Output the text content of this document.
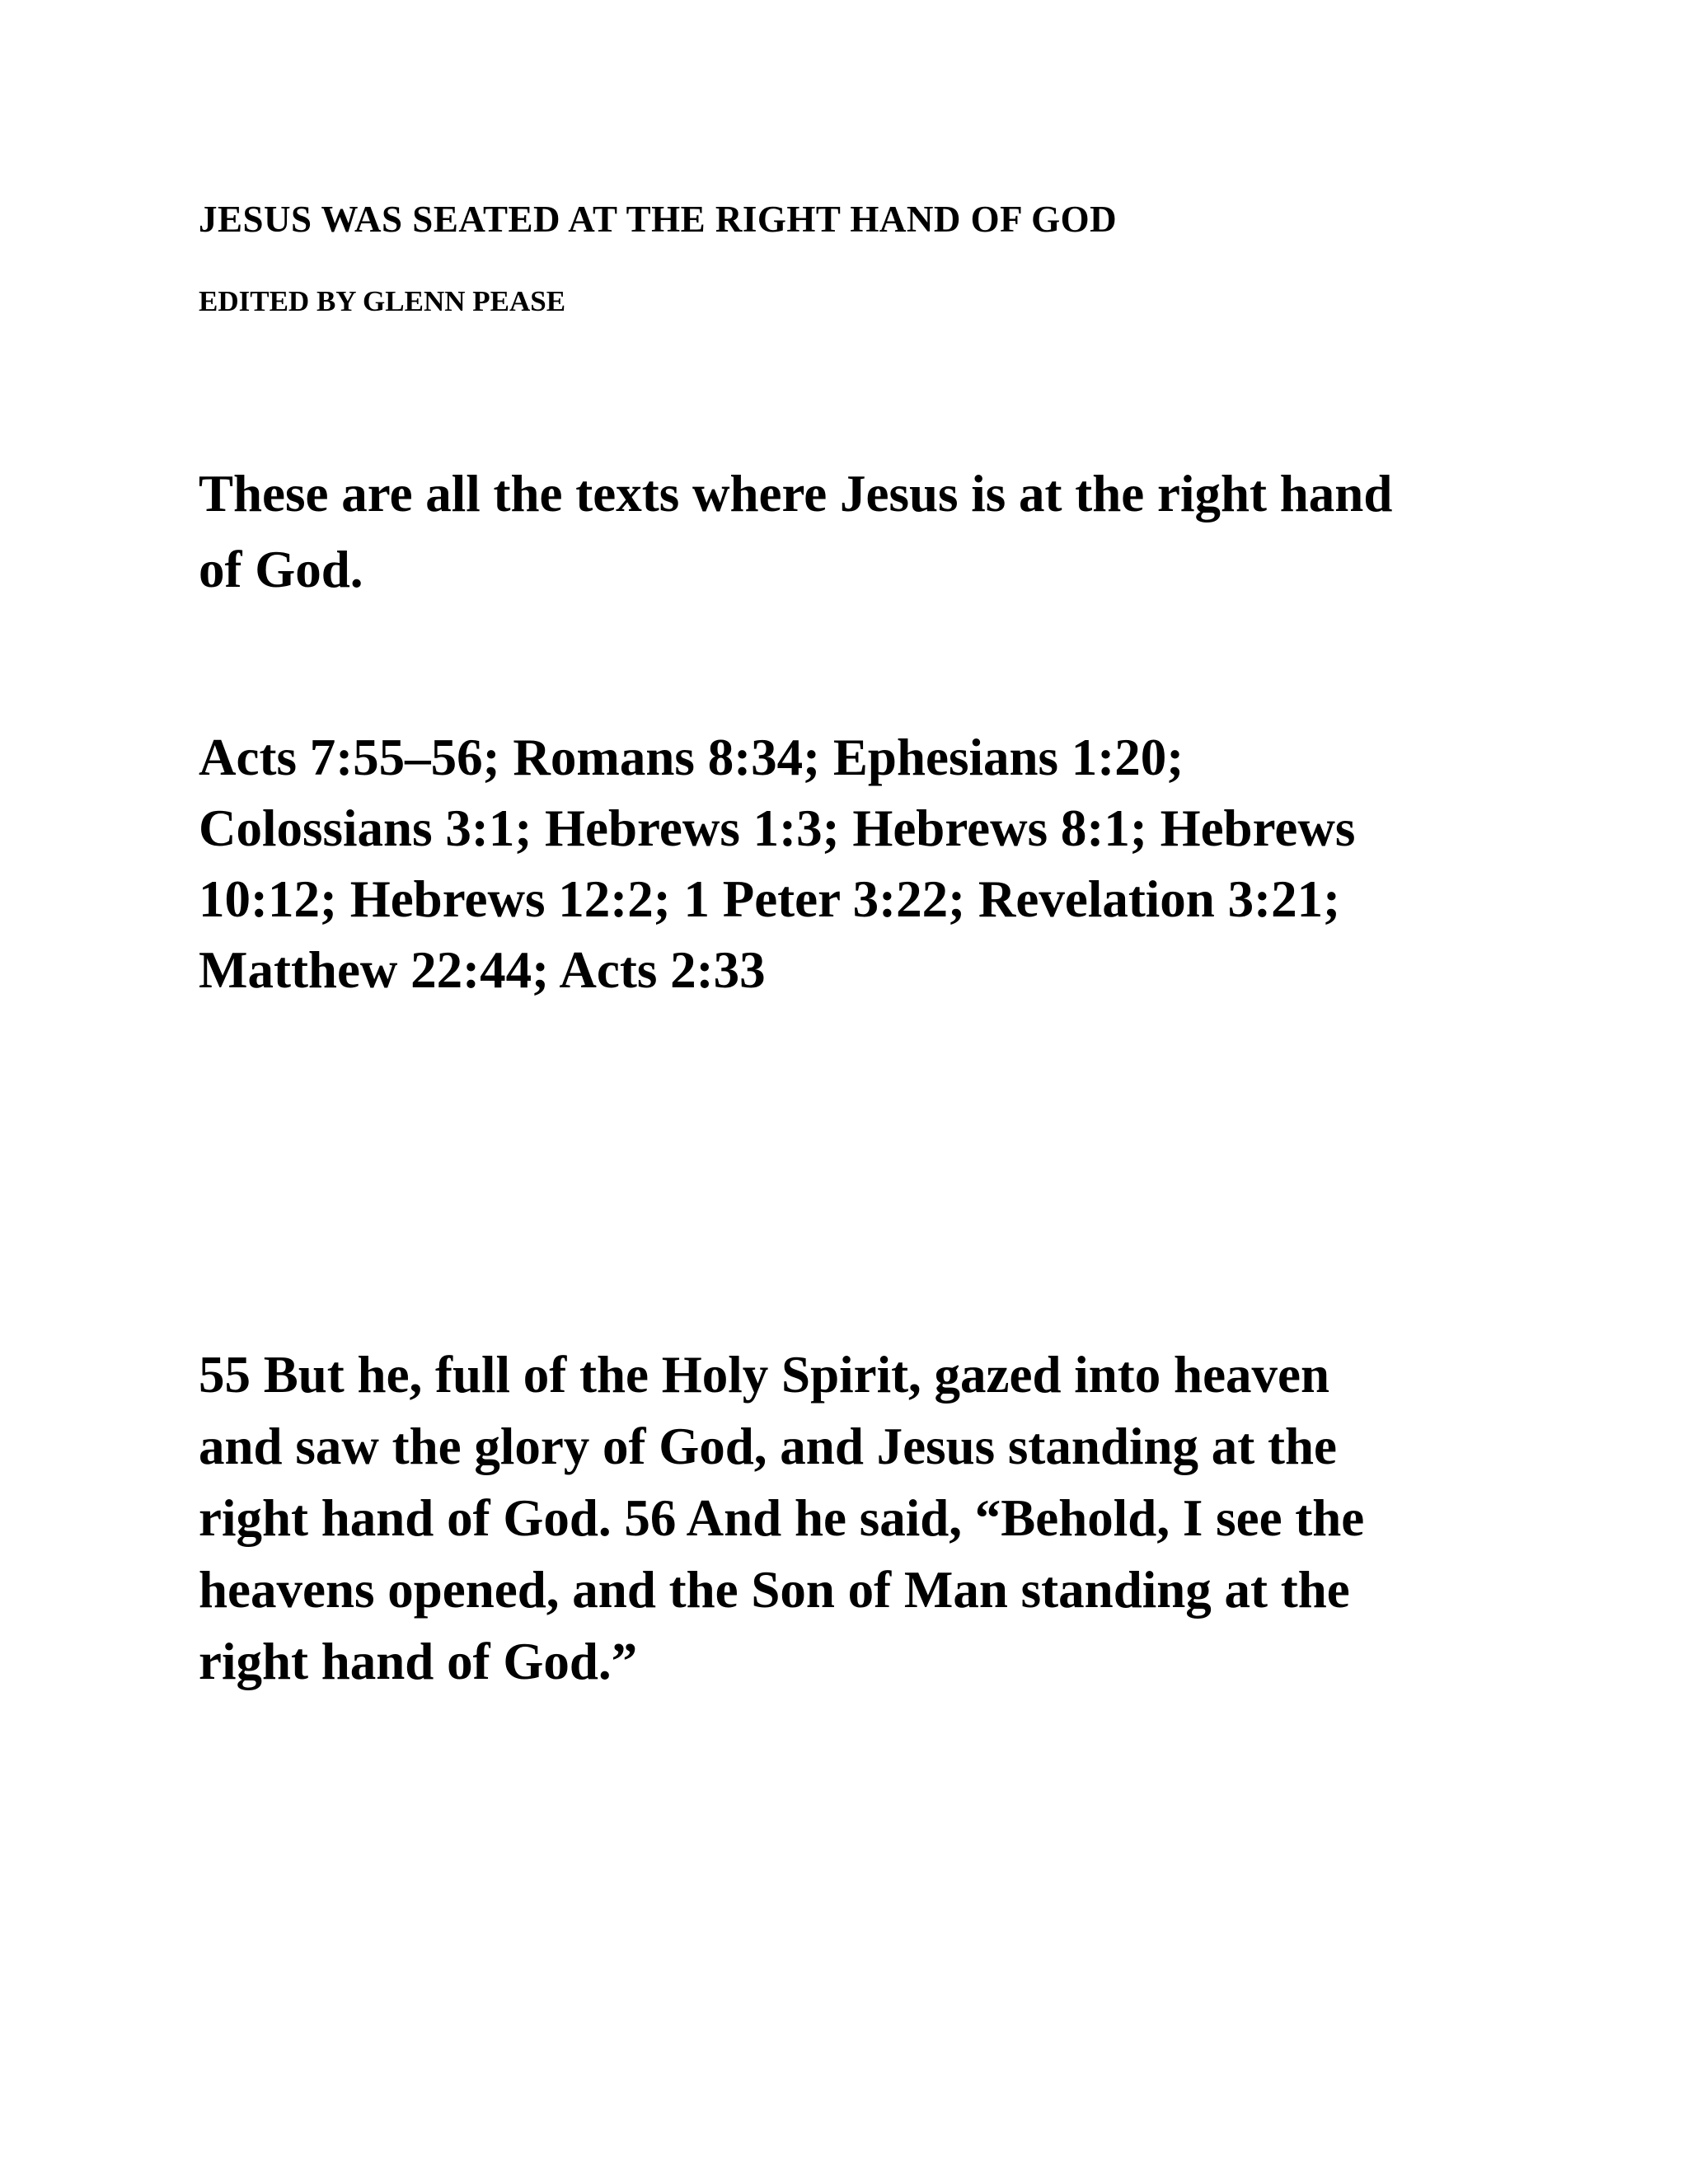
JESUS WAS SEATED AT THE RIGHT HAND OF GOD

EDITED BY GLENN PEASE

These are all the texts where Jesus is at the right hand
of God.

Acts 7:55–56; Romans 8:34; Ephesians 1:20;
Colossians 3:1; Hebrews 1:3; Hebrews 8:1; Hebrews
10:12; Hebrews 12:2; 1 Peter 3:22; Revelation 3:21;
Matthew 22:44; Acts 2:33

55 But he, full of the Holy Spirit, gazed into heaven
and saw the glory of God, and Jesus standing at the
right hand of God. 56 And he said, “Behold, I see the
heavens opened, and the Son of Man standing at the
right hand of God.”
